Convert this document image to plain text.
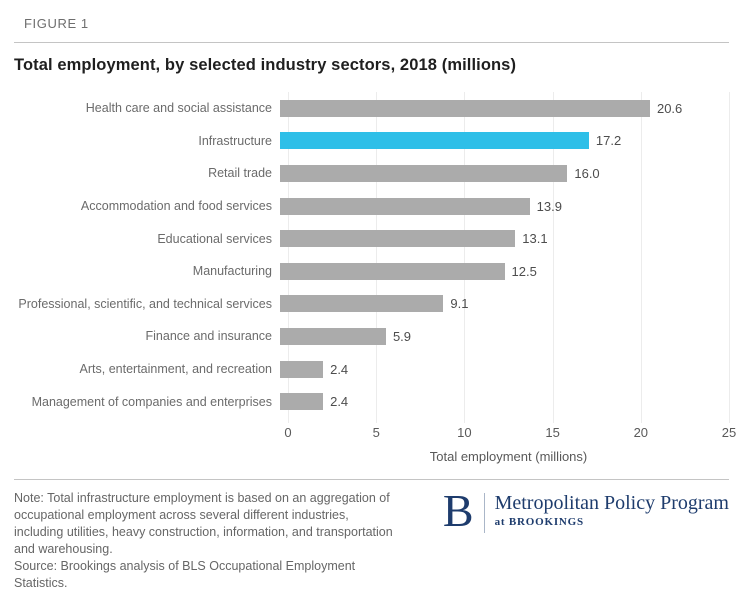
FIGURE 1
Total employment, by selected industry sectors, 2018 (millions)
Health care and social assistance	20.6
Infrastructure	17.2
Retail trade	16.0
Accommodation and food services	13.9
Educational services	13.1
Manufacturing	12.5
Professional, scientific, and technical services	9.1
Finance and insurance	5.9
Arts, entertainment, and recreation	2.4
Management of companies and enterprises	2.4
0	5	10	15	20	25
Total employment (millions)
Note: Total infrastructure employment is based on an aggregation of occupational employment across several different industries, including utilities, heavy construction, information, and transportation and warehousing.
Source: Brookings analysis of BLS Occupational Employment Statistics.
B Metropolitan Policy Program
at BROOKINGS
